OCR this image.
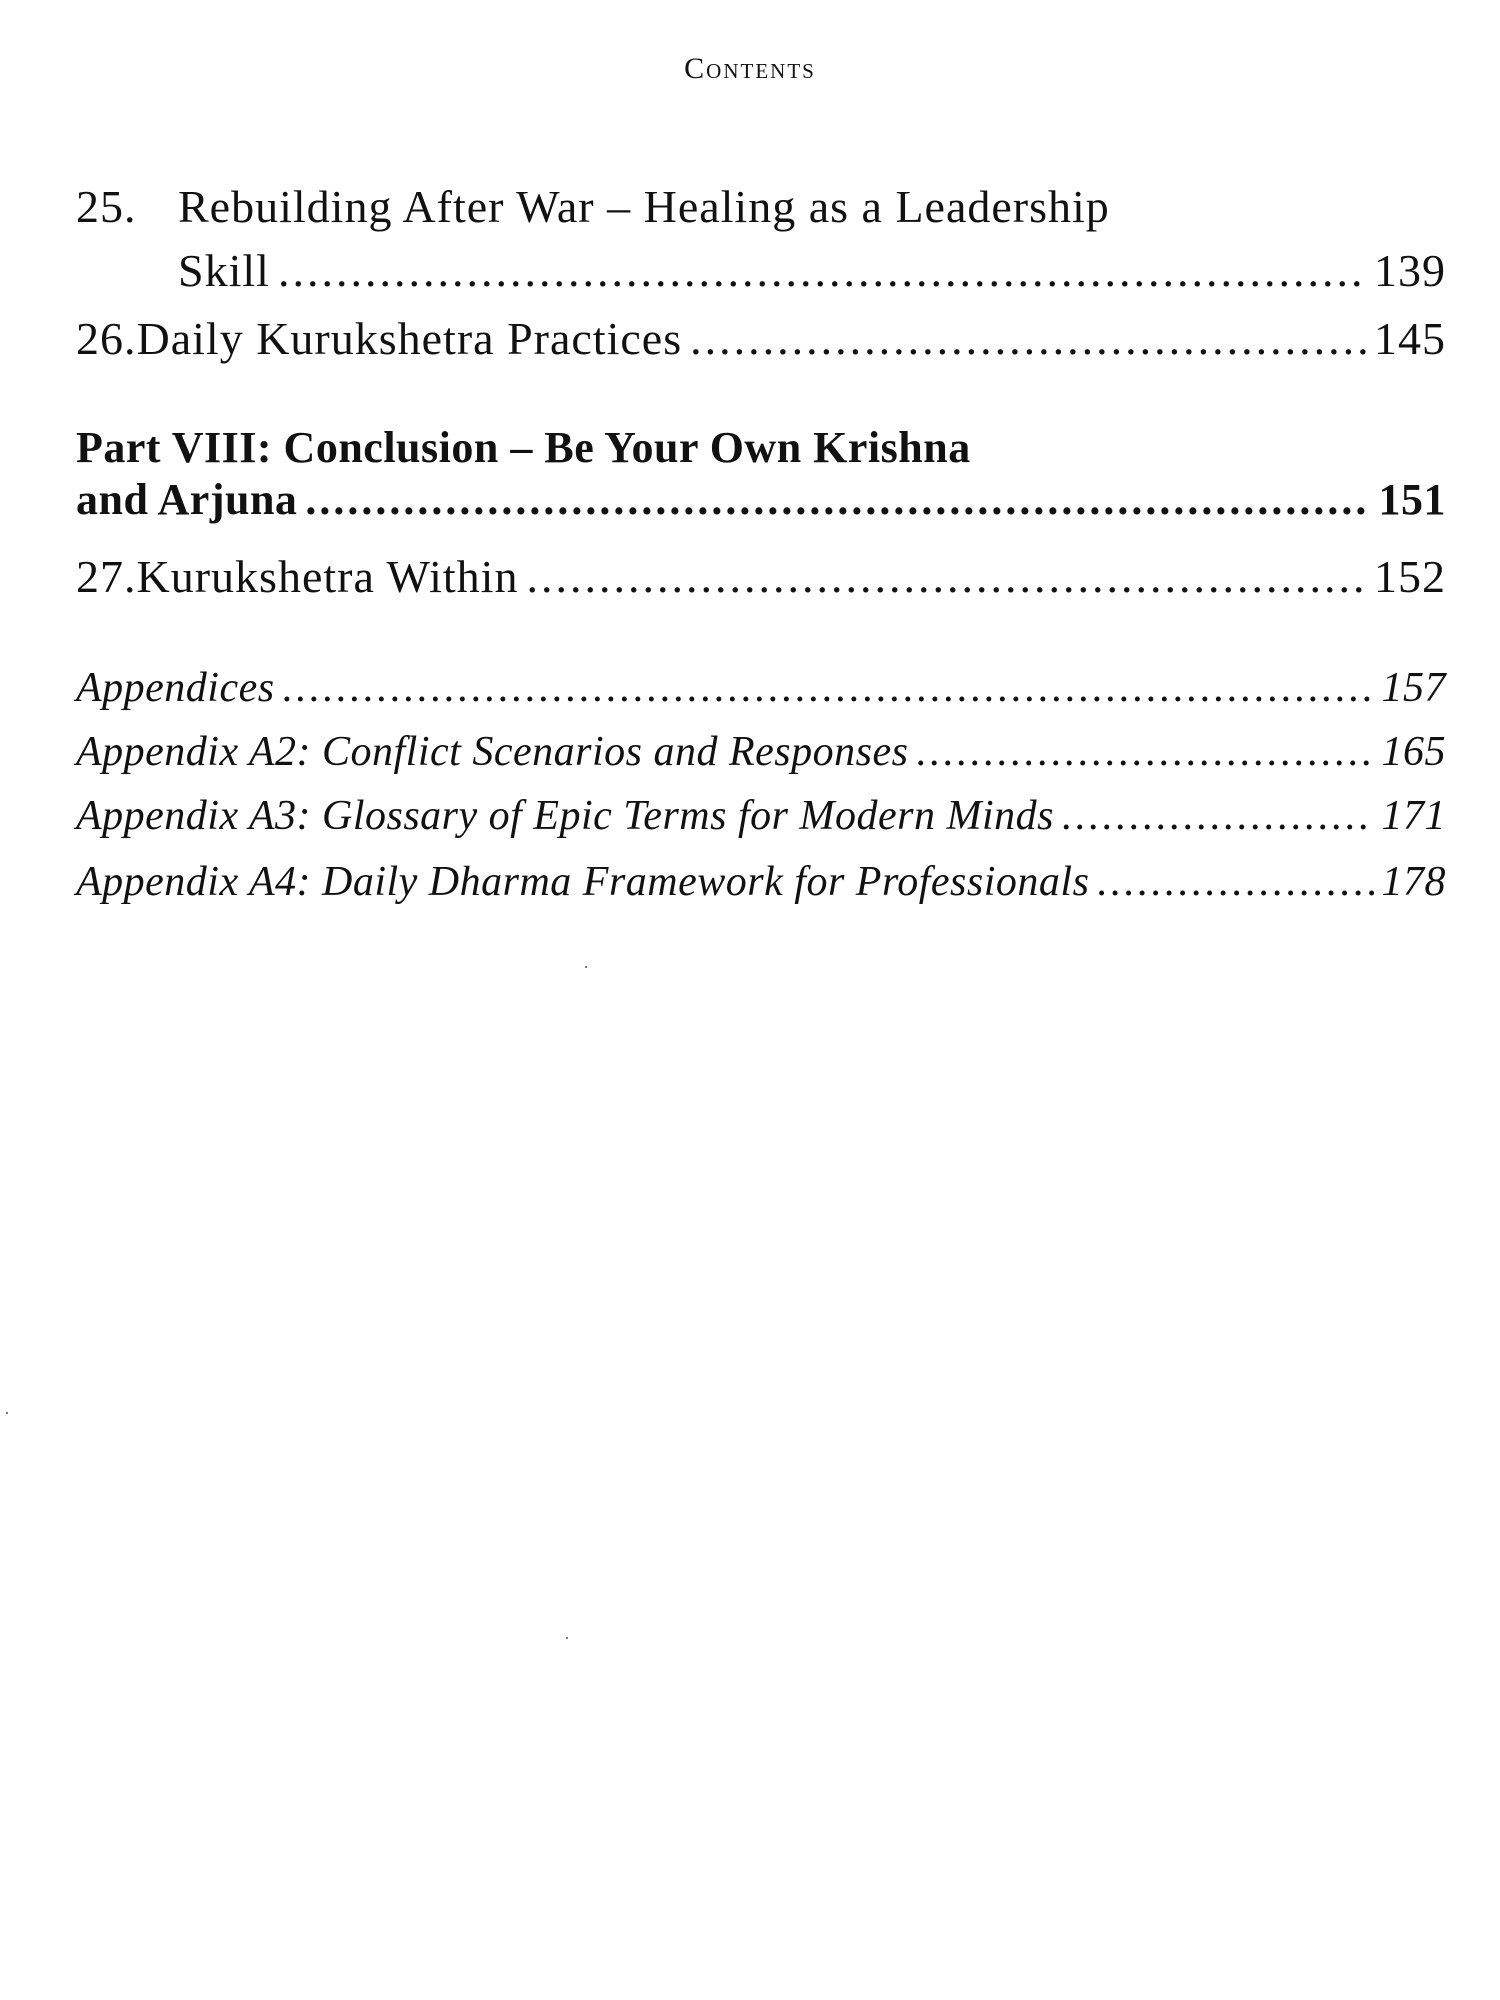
Contents
25. Rebuilding After War – Healing as a Leadership
Skill .....	139
26. Daily Kurukshetra Practices .....	145
Part VIII: Conclusion – Be Your Own Krishna
and Arjuna .....	151
27. Kurukshetra Within .....	152
Appendices .....	157
Appendix A2: Conflict Scenarios and Responses .....	165
Appendix A3: Glossary of Epic Terms for Modern Minds .....	171
Appendix A4: Daily Dharma Framework for Professionals .....	178
